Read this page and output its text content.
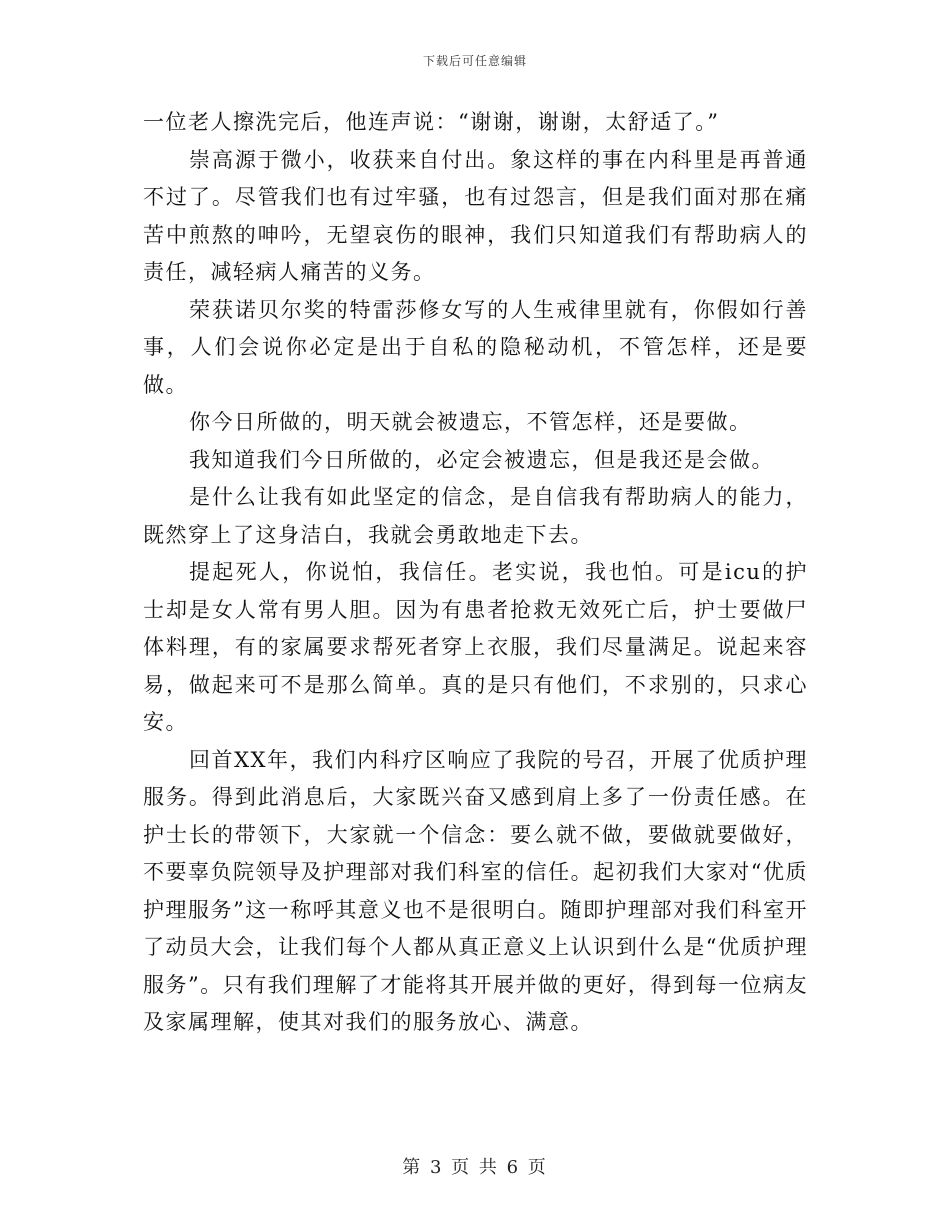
下载后可任意编辑

一位老人擦洗完后，他连声说：“谢谢，谢谢，太舒适了。”

崇高源于微小，收获来自付出。象这样的事在内科里是再普通不过了。尽管我们也有过牢骚，也有过怨言，但是我们面对那在痛苦中煎熬的呻吟，无望哀伤的眼神，我们只知道我们有帮助病人的责任，减轻病人痛苦的义务。

荣获诺贝尔奖的特雷莎修女写的人生戒律里就有，你假如行善事，人们会说你必定是出于自私的隐秘动机，不管怎样，还是要做。

你今日所做的，明天就会被遗忘，不管怎样，还是要做。

我知道我们今日所做的，必定会被遗忘，但是我还是会做。

是什么让我有如此坚定的信念，是自信我有帮助病人的能力，既然穿上了这身洁白，我就会勇敢地走下去。

提起死人，你说怕，我信任。老实说，我也怕。可是icu的护士却是女人常有男人胆。因为有患者抢救无效死亡后，护士要做尸体料理，有的家属要求帮死者穿上衣服，我们尽量满足。说起来容易，做起来可不是那么简单。真的是只有他们，不求别的，只求心安。

回首XX年，我们内科疗区响应了我院的号召，开展了优质护理服务。得到此消息后，大家既兴奋又感到肩上多了一份责任感。在护士长的带领下，大家就一个信念：要么就不做，要做就要做好，不要辜负院领导及护理部对我们科室的信任。起初我们大家对“优质护理服务”这一称呼其意义也不是很明白。随即护理部对我们科室开了动员大会，让我们每个人都从真正意义上认识到什么是“优质护理服务”。只有我们理解了才能将其开展并做的更好，得到每一位病友及家属理解，使其对我们的服务放心、满意。

第 3 页 共 6 页
